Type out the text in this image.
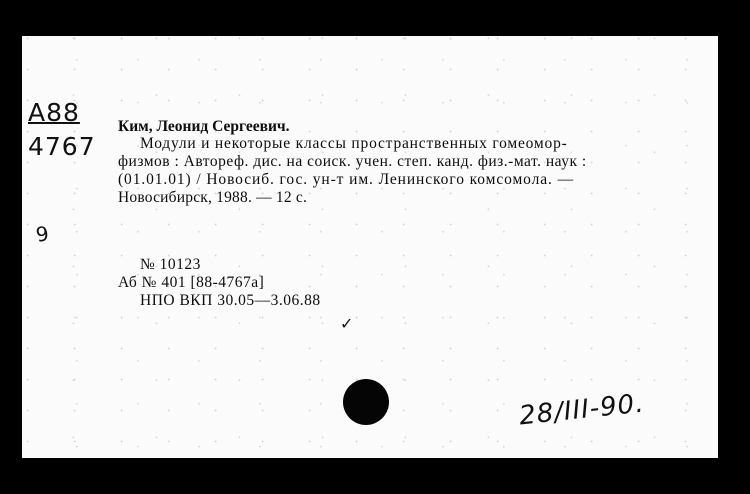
А88
4767
9
Ким, Леонид Сергеевич.
Модули и некоторые классы пространственных гомеомор-
физмов : Автореф. дис. на соиск. учен. степ. канд. физ.-мат. наук :
(01.01.01) / Новосиб. гос. ун-т им. Ленинского комсомола. —
Новосибирск, 1988. — 12 с.
№ 10123
Аб № 401 [88-4767а]
НПО ВКП 30.05—3.06.88
✓
28/III-90.
